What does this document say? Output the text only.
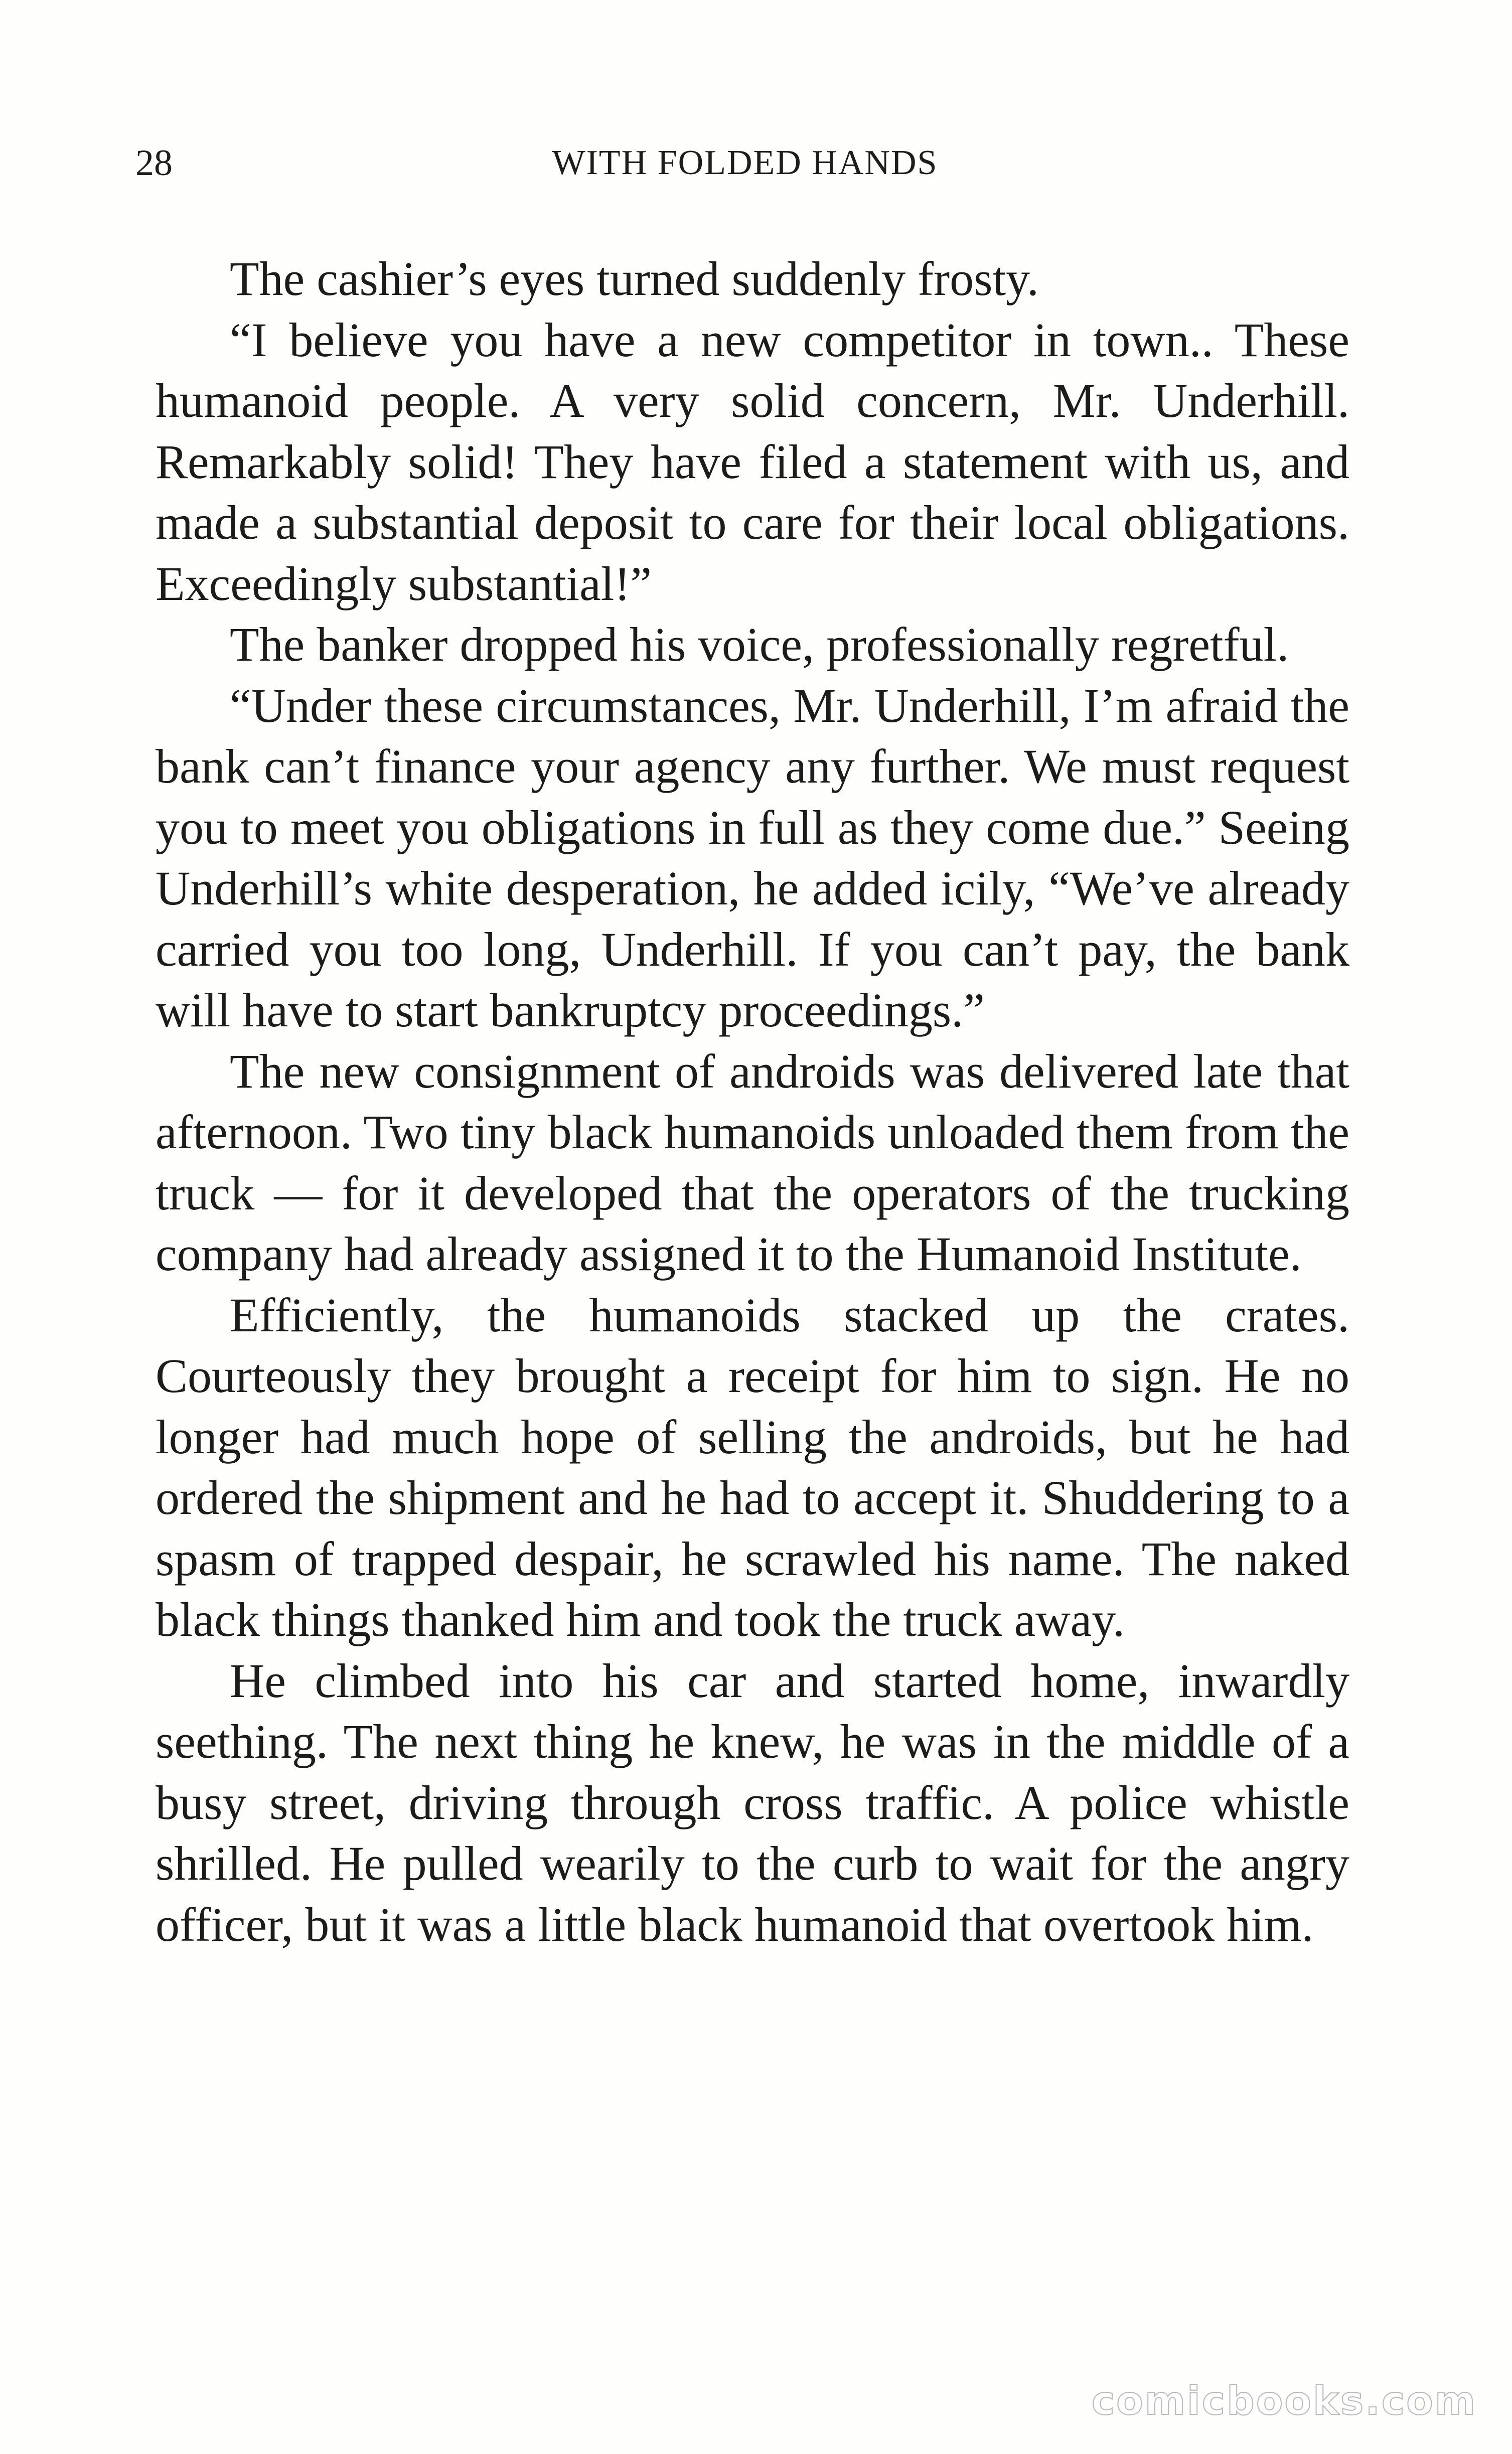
28	WITH FOLDED HANDS

The cashier’s eyes turned suddenly frosty.

“I believe you have a new competitor in town.. These humanoid people. A very solid concern, Mr. Underhill. Remarkably solid! They have filed a statement with us, and made a substantial deposit to care for their local obligations. Exceedingly substantial!”

The banker dropped his voice, professionally regretful.

“Under these circumstances, Mr. Underhill, I’m afraid the bank can’t finance your agency any further. We must request you to meet you obligations in full as they come due.” Seeing Underhill’s white desperation, he added icily, “We’ve already carried you too long, Underhill. If you can’t pay, the bank will have to start bankruptcy proceedings.”

The new consignment of androids was delivered late that afternoon. Two tiny black humanoids unloaded them from the truck — for it developed that the operators of the trucking company had already assigned it to the Humanoid Institute.

Efficiently, the humanoids stacked up the crates. Courteously they brought a receipt for him to sign. He no longer had much hope of selling the androids, but he had ordered the shipment and he had to accept it. Shuddering to a spasm of trapped despair, he scrawled his name. The naked black things thanked him and took the truck away.

He climbed into his car and started home, inwardly seething. The next thing he knew, he was in the middle of a busy street, driving through cross traffic. A police whistle shrilled. He pulled wearily to the curb to wait for the angry officer, but it was a little black humanoid that overtook him.

comicbooks.com
